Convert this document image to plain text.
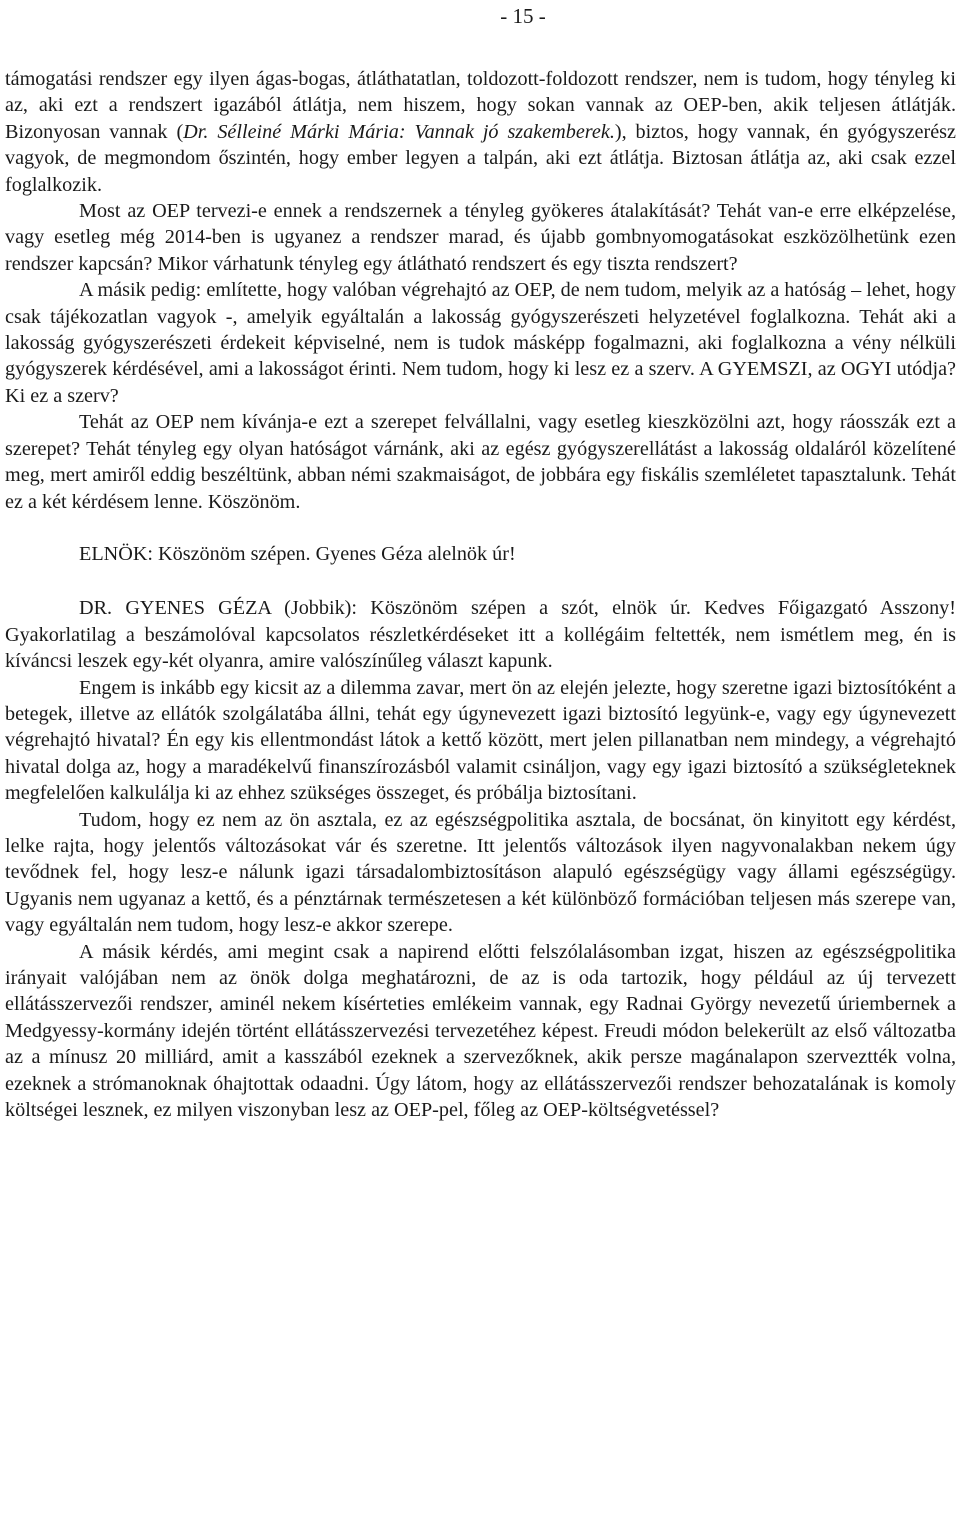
- 15 -

támogatási rendszer egy ilyen ágas-bogas, átláthatatlan, toldozott-foldozott rendszer, nem is tudom, hogy tényleg ki az, aki ezt a rendszert igazából átlátja, nem hiszem, hogy sokan vannak az OEP-ben, akik teljesen átlátják. Bizonyosan vannak (Dr. Sélleiné Márki Mária: Vannak jó szakemberek.), biztos, hogy vannak, én gyógyszerész vagyok, de megmondom őszintén, hogy ember legyen a talpán, aki ezt átlátja. Biztosan átlátja az, aki csak ezzel foglalkozik.

Most az OEP tervezi-e ennek a rendszernek a tényleg gyökeres átalakítását? Tehát van-e erre elképzelése, vagy esetleg még 2014-ben is ugyanez a rendszer marad, és újabb gombnyomogatásokat eszközölhetünk ezen rendszer kapcsán? Mikor várhatunk tényleg egy átlátható rendszert és egy tiszta rendszert?

A másik pedig: említette, hogy valóban végrehajtó az OEP, de nem tudom, melyik az a hatóság – lehet, hogy csak tájékozatlan vagyok -, amelyik egyáltalán a lakosság gyógyszerészeti helyzetével foglalkozna. Tehát aki a lakosság gyógyszerészeti érdekeit képviselné, nem is tudok másképp fogalmazni, aki foglalkozna a vény nélküli gyógyszerek kérdésével, ami a lakosságot érinti. Nem tudom, hogy ki lesz ez a szerv. A GYEMSZI, az OGYI utódja? Ki ez a szerv?

Tehát az OEP nem kívánja-e ezt a szerepet felvállalni, vagy esetleg kieszközölni azt, hogy ráosszák ezt a szerepet? Tehát tényleg egy olyan hatóságot várnánk, aki az egész gyógyszerellátást a lakosság oldaláról közelítené meg, mert amiről eddig beszéltünk, abban némi szakmaiságot, de jobbára egy fiskális szemléletet tapasztalunk. Tehát ez a két kérdésem lenne. Köszönöm.

ELNÖK: Köszönöm szépen. Gyenes Géza alelnök úr!

DR. GYENES GÉZA (Jobbik): Köszönöm szépen a szót, elnök úr. Kedves Főigazgató Asszony! Gyakorlatilag a beszámolóval kapcsolatos részletkérdéseket itt a kollégáim feltették, nem ismétlem meg, én is kíváncsi leszek egy-két olyanra, amire valószínűleg választ kapunk.

Engem is inkább egy kicsit az a dilemma zavar, mert ön az elején jelezte, hogy szeretne igazi biztosítóként a betegek, illetve az ellátók szolgálatába állni, tehát egy úgynevezett igazi biztosító legyünk-e, vagy egy úgynevezett végrehajtó hivatal? Én egy kis ellentmondást látok a kettő között, mert jelen pillanatban nem mindegy, a végrehajtó hivatal dolga az, hogy a maradékelvű finanszírozásból valamit csináljon, vagy egy igazi biztosító a szükségleteknek megfelelően kalkulálja ki az ehhez szükséges összeget, és próbálja biztosítani.

Tudom, hogy ez nem az ön asztala, ez az egészségpolitika asztala, de bocsánat, ön kinyitott egy kérdést, lelke rajta, hogy jelentős változásokat vár és szeretne. Itt jelentős változások ilyen nagyvonalakban nekem úgy tevődnek fel, hogy lesz-e nálunk igazi társadalombiztosításon alapuló egészségügy vagy állami egészségügy. Ugyanis nem ugyanaz a kettő, és a pénztárnak természetesen a két különböző formációban teljesen más szerepe van, vagy egyáltalán nem tudom, hogy lesz-e akkor szerepe.

A másik kérdés, ami megint csak a napirend előtti felszólalásomban izgat, hiszen az egészségpolitika irányait valójában nem az önök dolga meghatározni, de az is oda tartozik, hogy például az új tervezett ellátásszervezői rendszer, aminél nekem kísérteties emlékeim vannak, egy Radnai György nevezetű úriembernek a Medgyessy-kormány idején történt ellátásszervezési tervezetéhez képest. Freudi módon belekerült az első változatba az a mínusz 20 milliárd, amit a kasszából ezeknek a szervezőknek, akik persze magánalapon szerveztték volna, ezeknek a strómanoknak óhajtottak odaadni. Úgy látom, hogy az ellátásszervezői rendszer behozatalának is komoly költségei lesznek, ez milyen viszonyban lesz az OEP-pel, főleg az OEP-költségvetéssel?
